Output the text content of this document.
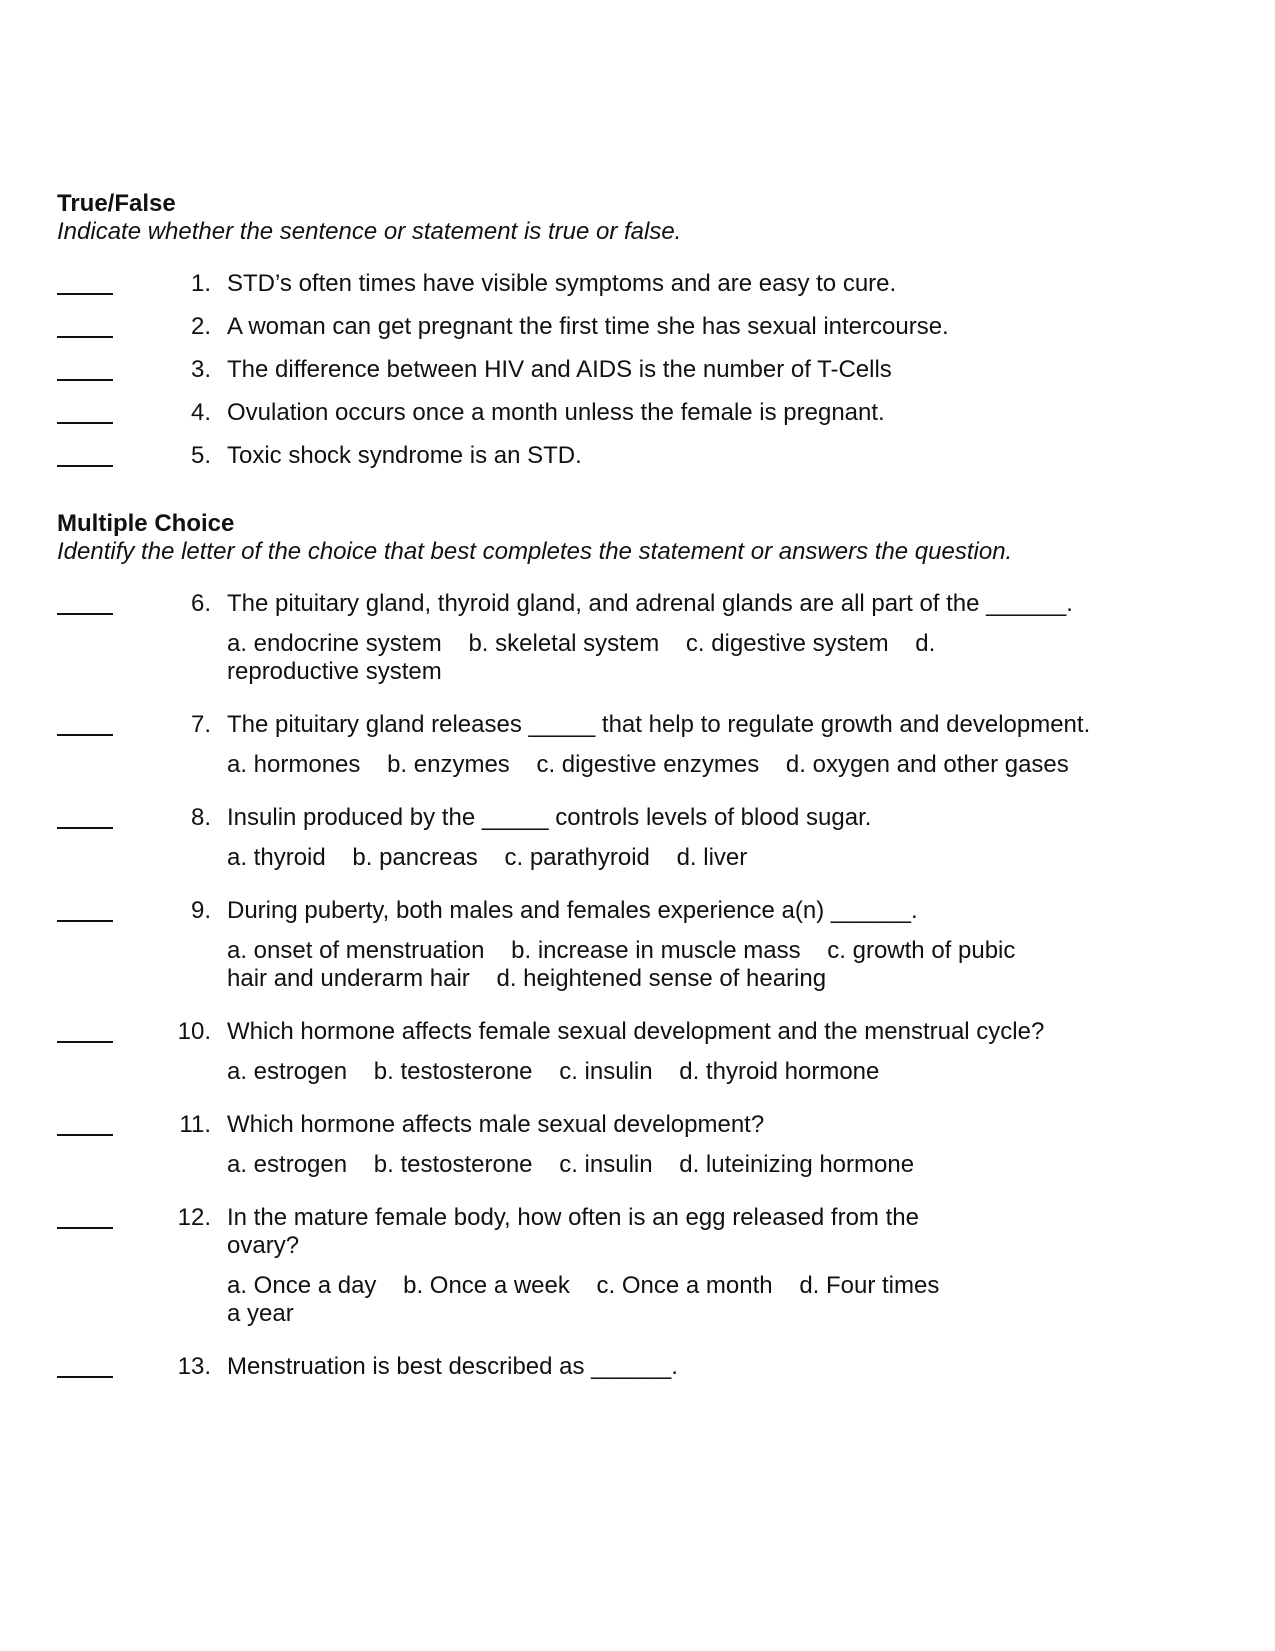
True/False

Indicate whether the sentence or statement is true or false.

1. STD’s often times have visible symptoms and are easy to cure.

2. A woman can get pregnant the first time she has sexual intercourse.

3. The difference between HIV and AIDS is the number of T-Cells

4. Ovulation occurs once a month unless the female is pregnant.

5. Toxic shock syndrome is an STD.

Multiple Choice

Identify the letter of the choice that best completes the statement or answers the question.

6. The pituitary gland, thyroid gland, and adrenal glands are all part of the ______.

a. endocrine system b. skeletal system c. digestive system d. reproductive system

7. The pituitary gland releases _____ that help to regulate growth and development.

a. hormones b. enzymes c. digestive enzymes d. oxygen and other gases

8. Insulin produced by the _____ controls levels of blood sugar.

a. thyroid b. pancreas c. parathyroid d. liver

9. During puberty, both males and females experience a(n) ______.

a. onset of menstruation b. increase in muscle mass c. growth of pubic hair and underarm hair d. heightened sense of hearing

10. Which hormone affects female sexual development and the menstrual cycle?

a. estrogen b. testosterone c. insulin d. thyroid hormone

11. Which hormone affects male sexual development?

a. estrogen b. testosterone c. insulin d. luteinizing hormone

12. In the mature female body, how often is an egg released from the ovary?

a. Once a day b. Once a week c. Once a month d. Four times a year

13. Menstruation is best described as ______.
